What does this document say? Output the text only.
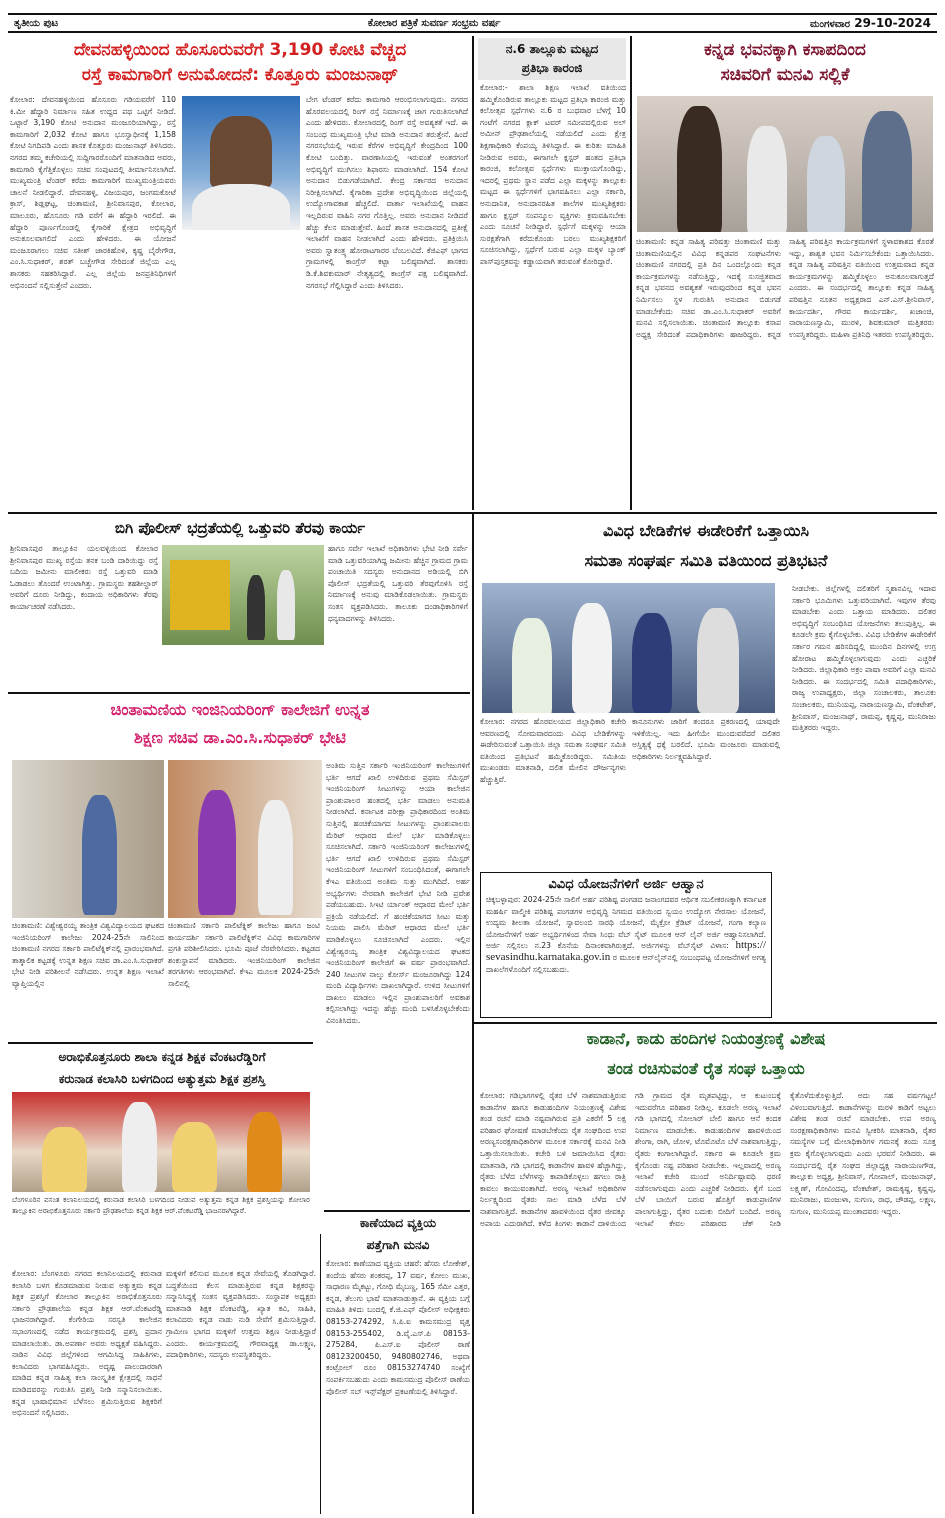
ತೃತೀಯ ಪುಟ	ಕೋಲಾರ ಪತ್ರಿಕೆ ಸುವರ್ಣ ಸಂಭ್ರಮ ವರ್ಷ	ಮಂಗಳವಾರ 29-10-2024
ದೇವನಹಳ್ಳಿಯಿಂದ ಹೊಸೂರುವರೆಗೆ 3,190 ಕೋಟಿ ವೆಚ್ಚದ
ರಸ್ತೆ ಕಾಮಗಾರಿಗೆ ಅನುಮೋದನೆ: ಕೊತ್ತೂರು ಮಂಜುನಾಥ್
ಕೋಲಾರ: ದೇವನಹಳ್ಳಿಯಿಂದ ಹೊಸೂರು ಗಡಿಯವರೆಗೆ 110 ಕಿ.ಮೀ ಹೆದ್ದಾರಿ ನಿರ್ಮಾಣ ಸಹಿತ ಉದ್ದದ ಪಥ ಒಟ್ಟಿಗೆ ನೀಡಿದೆ. ಒಟ್ಟಾರೆ 3,190 ಕೋಟಿ ಅನುದಾನ ಮಂಜೂರಿಯಾಗಿದ್ದು, ರಸ್ತೆ ಕಾಮಗಾರಿಗೆ 2,032 ಕೋಟಿ ಹಾಗೂ ಭೂಸ್ವಾಧೀನಕ್ಕೆ 1,158 ಕೋಟಿ ನಿಗದಿಪಡಿ ಎಂದು ಶಾಸಕ ಕೊತ್ತೂರು ಮಂಜುನಾಥ್ ತಿಳಿಸಿದರು. ನಗರದ ತಮ್ಮ ಕಚೇರಿಯಲ್ಲಿ ಸುದ್ದಿಗಾರರೊಂದಿಗೆ ಮಾತನಾಡಿದ ಅವರು, ಕಾಮಗಾರಿ ಕೈಗೆತ್ತಿಕೊಳ್ಳಲು ಸಚಿವ ಸಂಪುಟದಲ್ಲಿ ತೀರ್ಮಾನಿಸಲಾಗಿದೆ. ಮುಖ್ಯಮಂತ್ರಿ ಟೆಂಡರ್ ಕರೆದು ಕಾಮಗಾರಿಗೆ ಮುಖ್ಯಮಂತ್ರಿಯವರು ಚಾಲನೆ ನೀಡಲಿದ್ದಾರೆ. ದೇವನಹಳ್ಳಿ, ವಿಜಯಪುರ, ಜಂಗಮಕೋಟೆ ಕ್ರಾಸ್, ಶಿಡ್ಲಘಟ್ಟ, ಚಿಂತಾಮಣಿ, ಶ್ರೀನಿವಾಸಪುರ, ಕೋಲಾರ, ಮಾಲೂರು, ಹೊಸೂರು ಗಡಿ ವರೆಗೆ ಈ ಹೆದ್ದಾರಿ ಇರಲಿದೆ. ಈ ಹೆದ್ದಾರಿ ಪೂರ್ಣಗೊಂಡಲ್ಲಿ ಕೈಗಾರಿಕೆ ಕ್ಷೇತ್ರದ ಅಭಿವೃದ್ಧಿಗೆ ಅನುಕೂಲವಾಗಲಿದೆ ಎಂದು ಹೇಳಿದರು. ಈ ಯೋಜನೆ ಮಂಜೂರಾಗಲು ಸಚಿವ ಸತೀಶ್ ಜಾರಕಿಹೊಳಿ, ಕೃಷ್ಣ ಬೈರೇಗೌಡ, ಎಂ.ಸಿ.ಸುಧಾಕರ್, ಶರತ್ ಬಚ್ಚೇಗೌಡ ಸೇರಿದಂತೆ ಜಿಲ್ಲೆಯ ಎಲ್ಲ ಶಾಸಕರು ಸಹಕರಿಸಿದ್ದಾರೆ. ಎಲ್ಲ ಜಿಲ್ಲೆಯ ಜನಪ್ರತಿನಿಧಿಗಳಿಗೆ ಅಭಿನಂದನೆ ಸಲ್ಲಿಸುತ್ತೇನೆ ಎಂದರು.
ಬೇಗ ಟೆಂಡರ್ ಕರೆದು ಕಾಮಗಾರಿ ಆರಂಭಿಸಲಾಗುವುದು. ನಗರದ ಹೊರವಲಯದಲ್ಲಿ ರಿಂಗ್ ರಸ್ತೆ ನಿರ್ಮಾಣಕ್ಕೆ ಜಾಗ ಗುರುತಿಸಲಾಗಿದೆ ಎಂದು ಹೇಳಿದರು. ಕೋಲಾರದಲ್ಲಿ ರಿಂಗ್ ರಸ್ತೆ ಅವಶ್ಯಕತೆ ಇದೆ. ಈ ಸಂಬಂಧ ಮುಖ್ಯಮಂತ್ರಿ ಭೇಟಿ ಮಾಡಿ ಅನುದಾನ ತರುತ್ತೇನೆ. ಹಿಂದೆ ನಗರಸಭೆಯಲ್ಲಿ ಇರುವ ಕೆರೆಗಳ ಅಭಿವೃದ್ಧಿಗೆ ಕೇಂದ್ರದಿಂದ 100 ಕೋಟಿ ಬಂದಿತ್ತು. ವಾರಣಾಸಿಯಲ್ಲಿ ಇರುವಂತೆ ಅಂತರಗಂಗೆ ಅಭಿವೃದ್ಧಿಗೆ ಮುಗಿಸಲು ಶಿಫಾರಸು ಮಾಡಲಾಗಿದೆ. 154 ಕೋಟಿ ಅನುದಾನ ಬಿಡುಗಡೆಯಾಗಿದೆ. ಕೇಂದ್ರ ಸರ್ಕಾರದ ಅನುದಾನ ನಿರೀಕ್ಷಿಸಲಾಗಿದೆ. ಕೈಗಾರಿಕಾ ಪ್ರದೇಶ ಅಭಿವೃದ್ಧಿಯಿಂದ ಜಿಲ್ಲೆಯಲ್ಲಿ ಉದ್ಯೋಗಾವಕಾಶ ಹೆಚ್ಚಲಿದೆ. ವಾರ್ತಾ ಇಲಾಖೆಯಲ್ಲಿ ವಾಹನ ಇಲ್ಲದಿರುವ ವಾಹಿನಿ ನಗರ ಗೊತ್ತಿಲ್ಲ. ಅವರು ಅನುದಾನ ನೀಡಿದರೆ ಹೆಚ್ಚು ಕೆಲಸ ಮಾಡುತ್ತೇವೆ. ಹಿಂದೆ ಶಾಸಕ ಅನುದಾನದಲ್ಲಿ ಪ್ರತೀಕ್ಷೆ ಇಲಾಖೆಗೆ ವಾಹನ ನೀಡಲಾಗಿದೆ ಎಂದು ಹೇಳಿದರು. ಪ್ರತಿಕ್ರಿಯಿಸಿ ಅವರು ಸ್ವಾತಂತ್ರ್ಯ ಹೋರಾಟಗಾರರ ಬೆಂಬಲವಿದೆ. ಕೆಜಿಎಫ್ ಭಾಗದ ಗ್ರಾಮಗಳಲ್ಲಿ ಕಾಂಗ್ರೆಸ್ ಕಟ್ಟಾ ಬಲಿಷ್ಠವಾಗಿದೆ. ಶಾಸಕರು ಡಿ.ಕೆ.ಶಿವಕುಮಾರ್ ನೇತೃತ್ವದಲ್ಲಿ ಕಾಂಗ್ರೆಸ್ ಪಕ್ಷ ಬಲಿಷ್ಠವಾಗಿದೆ. ನಗರಸಭೆ ಗೆಲ್ಲಿಸಿದ್ದಾರೆ ಎಂದು ತಿಳಿಸಿದರು.
ನ.6 ತಾಲ್ಲೂಕು ಮಟ್ಟದ
ಪ್ರತಿಭಾ ಕಾರಂಜಿ
ಕೋಲಾರ:- ಶಾಲಾ ಶಿಕ್ಷಣ ಇಲಾಖೆ ವತಿಯಿಂದ ಹಮ್ಮಿಕೊಂಡಿರುವ ತಾಲ್ಲೂಕು ಮಟ್ಟದ ಪ್ರತಿಭಾ ಕಾರಂಜಿ ಮತ್ತು ಕಲೋತ್ಸವ ಸ್ಪರ್ಧೆಗಳು ನ.6 ರ ಬುಧವಾರ ಬೆಳಗ್ಗೆ 10 ಗಂಟೆಗೆ ನಗರದ ಕ್ಲಾಕ್ ಟವರ್ ಸಮೀಪದಲ್ಲಿರುವ ಅಲ್ ಅಮೀನ್ ಪ್ರೌಢಶಾಲೆಯಲ್ಲಿ ನಡೆಯಲಿದೆ ಎಂದು ಕ್ಷೇತ್ರ ಶಿಕ್ಷಣಾಧಿಕಾರಿ ಕೆಂಪಯ್ಯ ತಿಳಿಸಿದ್ದಾರೆ. ಈ ಕುರಿತು ಮಾಹಿತಿ ನೀಡಿರುವ ಅವರು, ಈಗಾಗಲೇ ಕ್ಲಸ್ಟರ್ ಹಂತದ ಪ್ರತಿಭಾ ಕಾರಂಜಿ, ಕಲೋತ್ಸವ ಸ್ಪರ್ಧೆಗಳು ಮುಕ್ತಾಯಗೊಂಡಿದ್ದು, ಇದರಲ್ಲಿ ಪ್ರಥಮ ಸ್ಥಾನ ಪಡೆದ ಎಲ್ಲಾ ಮಕ್ಕಳನ್ನು ತಾಲ್ಲೂಕು ಮಟ್ಟದ ಈ ಸ್ಪರ್ಧೆಗಳಿಗೆ ಭಾಗವಹಿಸಲು ಎಲ್ಲಾ ಸರ್ಕಾರಿ, ಅನುದಾನಿತ, ಅನುದಾನರಹಿತ ಶಾಲೆಗಳ ಮುಖ್ಯಶಿಕ್ಷಕರು ಹಾಗೂ ಕ್ಲಸ್ಟರ್ ಸಂಪನ್ಮೂಲ ವ್ಯಕ್ತಿಗಳು ಕ್ರಮವಹಿಸಬೇಕು ಎಂದು ಸೂಚನೆ ನೀಡಿದ್ದಾರೆ. ಸ್ಪರ್ಧೆಗೆ ಮಕ್ಕಳನ್ನು ಆಯಾ ಸುರಕ್ಷತೆಗಾಗಿ ಕರೆದುಕೊಂಡು ಬರಲು ಮುಖ್ಯಶಿಕ್ಷಕರಿಗೆ ಸೂಚಿಸಲಾಗಿದ್ದು, ಸ್ಪರ್ಧೆಗೆ ಬರುವ ಎಲ್ಲಾ ಮಕ್ಕಳ ಬ್ಯಾಂಕ್ ಪಾಸ್‌ಪುಸ್ತಕವನ್ನು ಕಡ್ಡಾಯವಾಗಿ ತರುವಂತೆ ಕೋರಿದ್ದಾರೆ.
ಕನ್ನಡ ಭವನಕ್ಕಾಗಿ ಕಸಾಪದಿಂದ
ಸಚಿವರಿಗೆ ಮನವಿ ಸಲ್ಲಿಕೆ
ಚಿಂತಾಮಣಿ: ಕನ್ನಡ ಸಾಹಿತ್ಯ ಪರಿಷತ್ತು ಚಿಂತಾಮಣಿ ಮತ್ತು ಚಿಂತಾಮಣಿಯಲ್ಲಿನ ವಿವಿಧ ಕನ್ನಡಪರ ಸಂಘಟನೆಗಳು ಚಿಂತಾಮಣಿ ನಗರದಲ್ಲಿ ಪ್ರತಿ ದಿನ ಒಂದಲ್ಲೊಂದು ಕನ್ನಡ ಕಾರ್ಯಕ್ರಮಗಳನ್ನು ನಡೆಸುತ್ತಿದ್ದು, ಇದಕ್ಕೆ ಸುಸಜ್ಜಿತವಾದ ಕನ್ನಡ ಭವನದ ಅವಶ್ಯಕತೆ ಇರುವುದರಿಂದ ಕನ್ನಡ ಭವನ ನಿರ್ಮಿಸಲು ಸ್ಥಳ ಗುರುತಿಸಿ ಅನುದಾನ ಬಿಡುಗಡೆ ಮಾಡಬೇಕೆಂದು ಸಚಿವ ಡಾ.ಎಂ.ಸಿ.ಸುಧಾಕರ್ ಅವರಿಗೆ ಮನವಿ ಸಲ್ಲಿಸಲಾಯಿತು. ಚಿಂತಾಮಣಿ ತಾಲ್ಲೂಕು ಕಸಾಪ ಅಧ್ಯಕ್ಷ ಸೇರಿದಂತೆ ಪದಾಧಿಕಾರಿಗಳು ಹಾಜರಿದ್ದರು. ಕನ್ನಡ ಸಾಹಿತ್ಯ ಪರಿಷತ್ತಿನ ಕಾರ್ಯಕ್ರಮಗಳಿಗೆ ಸ್ಥಳಾವಕಾಶದ ಕೊರತೆ ಇದ್ದು, ಶಾಶ್ವತ ಭವನ ನಿರ್ಮಿಸಬೇಕೆಂದು ಒತ್ತಾಯಿಸಿದರು. ಕನ್ನಡ ಸಾಹಿತ್ಯ ಪರಿಷತ್ತಿನ ವತಿಯಿಂದ ಉತ್ತಮವಾದ ಕನ್ನಡ ಕಾರ್ಯಕ್ರಮಗಳನ್ನು ಹಮ್ಮಿಕೊಳ್ಳಲು ಅನುಕೂಲವಾಗುತ್ತದೆ ಎಂದರು. ಈ ಸಂದರ್ಭದಲ್ಲಿ ತಾಲ್ಲೂಕು ಕನ್ನಡ ಸಾಹಿತ್ಯ ಪರಿಷತ್ತಿನ ನೂತನ ಅಧ್ಯಕ್ಷರಾದ ಎನ್.ಎಸ್.ಶ್ರೀನಿವಾಸ್, ಕಾರ್ಯದರ್ಶಿ, ಗೌರವ ಕಾರ್ಯದರ್ಶಿ, ಖಜಾಂಚಿ, ನಾರಾಯಣಸ್ವಾಮಿ, ಮುರಳಿ, ಶಿವಕುಮಾರ್ ಮತ್ತಿತರರು ಉಪಸ್ಥಿತರಿದ್ದರು. ಮಹಿಳಾ ಪ್ರತಿನಿಧಿ ಇತರರು ಉಪಸ್ಥಿತರಿದ್ದರು.
ಬಿಗಿ ಪೊಲೀಸ್ ಭದ್ರತೆಯಲ್ಲಿ ಒತ್ತುವರಿ ತೆರವು ಕಾರ್ಯ
ಶ್ರೀನಿವಾಸಪುರ ತಾಲ್ಲೂಕಿನ ಯಲವಳ್ಳಿಯಿಂದ ಕೋಲಾರ ಶ್ರೀನಿವಾಸಪುರ ಮುಖ್ಯ ರಸ್ತೆಯ ತನಕ ಬಂಡಿ ದಾರಿಯಿದ್ದು ರಸ್ತೆ ಬದಿಯ ಜಮೀನು ಮಾಲೀಕರು ರಸ್ತೆ ಒತ್ತುವರಿ ಮಾಡಿ ಓಡಾಡಲು ತೊಂದರೆ ಉಂಟಾಗಿತ್ತು. ಗ್ರಾಮಸ್ಥರು ತಹಶೀಲ್ದಾರ್ ಅವರಿಗೆ ದೂರು ನೀಡಿದ್ದು, ಕಂದಾಯ ಅಧಿಕಾರಿಗಳು ತೆರವು ಕಾರ್ಯಾಚರಣೆ ನಡೆಸಿದರು.
ಹಾಗೂ ಸರ್ವೇ ಇಲಾಖೆ ಅಧಿಕಾರಿಗಳು ಭೇಟಿ ನೀಡಿ ಸರ್ವೇ ಮಾಡಿ ಒತ್ತುವರಿಯಾಗಿದ್ದ ಜಮೀನು ಹೆಚ್ಚಿನ ಗ್ರಾಮದ ಗ್ರಾಮ ಪಂಚಾಯಿತಿ ಸದಸ್ಯರು ಅನುದಾನದ ಅಡಿಯಲ್ಲಿ ಬಿಗಿ ಪೊಲೀಸ್ ಭದ್ರತೆಯಲ್ಲಿ ಒತ್ತುವರಿ ತೆರವುಗೊಳಿಸಿ ರಸ್ತೆ ನಿರ್ಮಾಣಕ್ಕೆ ಅನುವು ಮಾಡಿಕೊಡಲಾಯಿತು. ಗ್ರಾಮಸ್ಥರು ಸಂತಸ ವ್ಯಕ್ತಪಡಿಸಿದರು. ತಾಲೂಕು ದಂಡಾಧಿಕಾರಿಗಳಿಗೆ ಧನ್ಯವಾದಗಳನ್ನು ತಿಳಿಸಿದರು.
ವಿವಿಧ ಬೇಡಿಕೆಗಳ ಈಡೇರಿಕೆಗೆ ಒತ್ತಾಯಿಸಿ
ಸಮತಾ ಸಂಘರ್ಷ ಸಮಿತಿ ವತಿಯಿಂದ ಪ್ರತಿಭಟನೆ
ನೀಡಬೇಕು. ಜಿಲ್ಲೆಗಳಲ್ಲಿ ದಲಿತರಿಗೆ ಸ್ಮಶಾನವಿಲ್ಲ ಇದಾವ ಸರ್ಕಾರಿ ಭೂಮಿಗಳು ಒತ್ತುವರಿಯಾಗಿವೆ. ಇವುಗಳ ತೆರವು ಮಾಡಬೇಕು ಎಂದು ಒತ್ತಾಯ ಮಾಡಿದರು. ದಲಿತರ ಅಭಿವೃದ್ಧಿಗೆ ಸಂಬಂಧಿಸಿದ ಯೋಜನೆಗಳು ತಲುಪುತ್ತಿಲ್ಲ. ಈ ಕೂಡಲೇ ಕ್ರಮ ಕೈಗೊಳ್ಳಬೇಕು. ವಿವಿಧ ಬೇಡಿಕೆಗಳ ಈಡೇರಿಕೆಗೆ ಸರ್ಕಾರ ಗಮನ ಹರಿಸದಿದ್ದಲ್ಲಿ ಮುಂದಿನ ದಿನಗಳಲ್ಲಿ ಉಗ್ರ ಹೋರಾಟ ಹಮ್ಮಿಕೊಳ್ಳಲಾಗುವುದು ಎಂದು ಎಚ್ಚರಿಕೆ ನೀಡಿದರು. ಜಿಲ್ಲಾಧಿಕಾರಿ ಅಕ್ರಂ ಪಾಷಾ ಅವರಿಗೆ ಎಲ್ಲಾ ಮನವಿ ನೀಡಿದರು. ಈ ಸಂದರ್ಭದಲ್ಲಿ ಸಮಿತಿ ಪದಾಧಿಕಾರಿಗಳು, ರಾಜ್ಯ ಉಪಾಧ್ಯಕ್ಷರು, ಜಿಲ್ಲಾ ಸಂಚಾಲಕರು, ತಾಲೂಕು ಸಂಚಾಲಕರು, ಮುನಿಯಪ್ಪ, ನಾರಾಯಣಸ್ವಾಮಿ, ವೆಂಕಟೇಶ್, ಶ್ರೀನಿವಾಸ್, ಮಂಜುನಾಥ್, ರಾಮಪ್ಪ, ಕೃಷ್ಣಪ್ಪ, ಮುನಿರಾಜು ಮತ್ತಿತರರು ಇದ್ದರು.
ಕೋಲಾರ: ನಗರದ ಹೊರವಲಯದ ಜಿಲ್ಲಾಧಿಕಾರಿ ಕಚೇರಿ ಆವರಣದಲ್ಲಿ ಸೋಮವಾರದಂದು ವಿವಿಧ ಬೇಡಿಕೆಗಳನ್ನು ಈಡೇರಿಸುವಂತೆ ಒತ್ತಾಯಿಸಿ ಜಿಲ್ಲಾ ಸಮತಾ ಸಂಘರ್ಷ ಸಮಿತಿ ವತಿಯಿಂದ ಪ್ರತಿಭಟನೆ ಹಮ್ಮಿಕೊಂಡಿದ್ದರು. ಸಮಿತಿಯ ಮುಖಂಡರು ಮಾತನಾಡಿ, ದಲಿತ ಮೇಲಿನ ದೌರ್ಜನ್ಯಗಳು ಹೆಚ್ಚುತ್ತಿವೆ.
ಕಾನೂನುಗಳು ಜಾರಿಗೆ ತಂದರೂ ಪ್ರಕರಣದಲ್ಲಿ ಯಾವುದೇ ಇಳಿಕೆಯಿಲ್ಲ. ಇದು ಹೀಗೆಯೇ ಮುಂದುವರೆದರೆ ದಲಿತರ ಅಸ್ತಿತ್ವಕ್ಕೆ ಧಕ್ಕೆ ಬರಲಿದೆ. ಭೂಮಿ ಮಂಜೂರು ಮಾಡುವಲ್ಲಿ ಅಧಿಕಾರಿಗಳು ನಿರ್ಲಕ್ಷ್ಯವಹಿಸಿದ್ದಾರೆ.
ಚಿಂತಾಮಣಿಯ ಇಂಜಿನಿಯರಿಂಗ್ ಕಾಲೇಜಿಗೆ ಉನ್ನತ
ಶಿಕ್ಷಣ ಸಚಿವ ಡಾ.ಎಂ.ಸಿ.ಸುಧಾಕರ್ ಭೇಟಿ
ಚಿಂತಾಮಣಿ: ವಿಶ್ವೇಶ್ವರಯ್ಯ ತಾಂತ್ರಿಕ ವಿಶ್ವವಿದ್ಯಾಲಯದ ಘಟಕದ ಇಂಜಿನಿಯರಿಂಗ್ ಕಾಲೇಜು 2024-25ನೇ ಸಾಲಿನಿಂದ ಚಿಂತಾಮಣಿ ನಗರದ ಸರ್ಕಾರಿ ಪಾಲಿಟೆಕ್ನಿಕ್‌ನಲ್ಲಿ ಪ್ರಾರಂಭವಾಗಿದೆ. ತಾತ್ಕಾಲಿಕ ಕಟ್ಟಡಕ್ಕೆ ಉನ್ನತ ಶಿಕ್ಷಣ ಸಚಿವ ಡಾ.ಎಂ.ಸಿ.ಸುಧಾಕರ್ ಭೇಟಿ ನೀಡಿ ಪರಿಶೀಲನೆ ನಡೆಸಿದರು. ಉನ್ನತ ಶಿಕ್ಷಣ ಇಲಾಖೆ ವ್ಯಾಪ್ತಿಯಲ್ಲಿನ
ಚಿಂತಾಮಣಿ ಸರ್ಕಾರಿ ಪಾಲಿಟೆಕ್ನಿಕ್ ಕಾಲೇಜು ಹಾಗೂ ಜಂಟಿ ಕಾರ್ಯದರ್ಶಿ ಸರ್ಕಾರಿ ಪಾಲಿಟೆಕ್ನಿಕ್‌ನ ವಿವಿಧ ಕಾಮಗಾರಿಗಳ ಪ್ರಗತಿ ಪರಿಶೀಲಿಸಿದರು. ಭೂಮಿ ಪೂಜೆ ನೆರವೇರಿಸಿದರು. ಕಟ್ಟಡದ ಶಂಕುಸ್ಥಾಪನೆ ಮಾಡಿದರು. ಇಂಜಿನಿಯರಿಂಗ್ ಕಾಲೇಜಿನ ತರಗತಿಗಳು ಆರಂಭವಾಗಿವೆ. ಕೆಇಎ ಮೂಲಕ 2024-25ನೇ ಸಾಲಿನಲ್ಲಿ
ಅಂತಿಮ ಸುತ್ತಿನ ಸರ್ಕಾರಿ ಇಂಜಿನಿಯರಿಂಗ್ ಕಾಲೇಜುಗಳಿಗೆ ಭರ್ತಿ ಆಗದೆ ಖಾಲಿ ಉಳಿದಿರುವ ಪ್ರಥಮ ಸೆಮಿಸ್ಟರ್ ಇಂಜಿನಿಯರಿಂಗ್ ಸೀಟುಗಳನ್ನು ಆಯಾ ಕಾಲೇಜಿನ ಪ್ರಾಂಶುಪಾಲರ ಹಂತದಲ್ಲಿ ಭರ್ತಿ ಮಾಡಲು ಅನುಮತಿ ನೀಡಲಾಗಿದೆ. ಕರ್ನಾಟಕ ಪರೀಕ್ಷಾ ಪ್ರಾಧಿಕಾರದಿಂದ ಅಂತಿಮ ಸುತ್ತಿನಲ್ಲಿ ಹಂಚಿಕೆಯಾಗದ ಸೀಟುಗಳನ್ನು ಪ್ರಾಂಶುಪಾಲರು ಮೆರಿಟ್ ಆಧಾರದ ಮೇಲೆ ಭರ್ತಿ ಮಾಡಿಕೊಳ್ಳಲು ಸೂಚಿಸಲಾಗಿದೆ. ಸರ್ಕಾರಿ ಇಂಜಿನಿಯರಿಂಗ್ ಕಾಲೇಜುಗಳಲ್ಲಿ ಭರ್ತಿ ಆಗದೆ ಖಾಲಿ ಉಳಿದಿರುವ ಪ್ರಥಮ ಸೆಮಿಸ್ಟರ್ ಇಂಜಿನಿಯರಿಂಗ್ ಸೀಟುಗಳಿಗೆ ಸಂಬಂಧಿಸಿದಂತೆ, ಈಗಾಗಲೇ ಕೆಇಎ ವತಿಯಿಂದ ಅಂತಿಮ ಸುತ್ತು ಮುಗಿದಿದೆ. ಅರ್ಹ ಅಭ್ಯರ್ಥಿಗಳು ನೇರವಾಗಿ ಕಾಲೇಜಿಗೆ ಭೇಟಿ ನೀಡಿ ಪ್ರವೇಶ ಪಡೆಯಬಹುದು. ಸಿಇಟಿ ರ್ಯಾಂಕ್ ಆಧಾರದ ಮೇಲೆ ಭರ್ತಿ ಪ್ರಕ್ರಿಯೆ ನಡೆಯಲಿದೆ. ಗೆ ಹಂಚಿಕೆಯಾಗದ ಸೀಟು ಮತ್ತು ನಿಯಮ ಪಾಲಿಸಿ ಮೆರಿಟ್ ಆಧಾರದ ಮೇಲೆ ಭರ್ತಿ ಮಾಡಿಕೊಳ್ಳಲು ಸೂಚಿಸಲಾಗಿದೆ ಎಂದರು. ಇಲ್ಲಿನ ವಿಶ್ವೇಶ್ವರಯ್ಯ ತಾಂತ್ರಿಕ ವಿಶ್ವವಿದ್ಯಾಲಯದ ಘಟಕದ ಇಂಜಿನಿಯರಿಂಗ್ ಕಾಲೇಜಿಗೆ ಈ ವರ್ಷ ಪ್ರಾರಂಭವಾಗಿದೆ. 240 ಸೀಟುಗಳ ನಾಲ್ಕು ಕೋರ್ಸ್ ಮಂಜೂರಾಗಿದ್ದು 124 ಮಂದಿ ವಿದ್ಯಾರ್ಥಿಗಳು ದಾಖಲಾಗಿದ್ದಾರೆ. ಉಳಿದ ಸೀಟುಗಳಿಗೆ ದಾಖಲು ಮಾಡಲು ಇಲ್ಲಿನ ಪ್ರಾಂಶುಪಾಲರಿಗೆ ಅವಕಾಶ ಕಲ್ಪಿಸಲಾಗಿದ್ದು ಇದನ್ನು ಹೆಚ್ಚು ಮಂದಿ ಬಳಸಿಕೊಳ್ಳಬೇಕೆಂದು ವಿನಂತಿಸಿದರು.
ವಿವಿಧ ಯೋಜನೆಗಳಿಗೆ ಅರ್ಜಿ ಆಹ್ವಾನ
ಚಿಕ್ಕಬಳ್ಳಾಪುರ: 2024-25ನೇ ಸಾಲಿಗೆ ಅರ್ಹ ಪರಿಶಿಷ್ಟ ಪಂಗಡದ ಜನಾಂಗದವರ ಆರ್ಥಿಕ ಸಬಲೀಕರಣಕ್ಕಾಗಿ ಕರ್ನಾಟಕ ಮಹರ್ಷಿ ವಾಲ್ಮೀಕಿ ಪರಿಶಿಷ್ಟ ಪಂಗಡಗಳ ಅಭಿವೃದ್ಧಿ ನಿಗಮದ ವತಿಯಿಂದ ಸ್ವಯಂ ಉದ್ಯೋಗ ನೇರಸಾಲ ಯೋಜನೆ, ಉದ್ಯಮ ಶೀಲತಾ ಯೋಜನೆ, ಸ್ವಾವಲಂಬಿ ಸಾರಥಿ ಯೋಜನೆ, ಮೈಕ್ರೋ ಕ್ರೆಡಿಟ್ ಯೋಜನೆ, ಗಂಗಾ ಕಲ್ಯಾಣ ಯೋಜನೆಗಳಿಗೆ ಅರ್ಹ ಅಭ್ಯರ್ಥಿಗಳಿಂದ ಸೇವಾ ಸಿಂಧು ವೆಬ್ ಸೈಟ್ ಮೂಲಕ ಆನ್ ಲೈನ್ ಅರ್ಜಿ ಆಹ್ವಾನಿಸಲಾಗಿದೆ. ಅರ್ಜಿ ಸಲ್ಲಿಸಲು ನ.23 ಕೊನೆಯ ದಿನಾಂಕವಾಗಿರುತ್ತದೆ. ಅರ್ಜಿಗಳನ್ನು ವೆಬ್‌ಸೈಟ್ ವಿಳಾಸ: https:// sevasindhu.karnataka.gov.in ರ ಮೂಲಕ ಆನ್‌ಲೈನ್‌ನಲ್ಲಿ ಸಂಬಂಧಪಟ್ಟ ಯೋಜನೆಗಳಿಗೆ ಅಗತ್ಯ ದಾಖಲೆಗಳೊಂದಿಗೆ ಸಲ್ಲಿಸಬಹುದು.
ಅರಾಭಿಕೊತ್ತನೂರು ಶಾಲಾ ಕನ್ನಡ ಶಿಕ್ಷಕ ವೆಂಕಟರೆಡ್ಡಿರಿಗೆ
ಕರುನಾಡ ಕಲಾಸಿರಿ ಬಳಗದಿಂದ ಅತ್ಯುತ್ತಮ ಶಿಕ್ಷಕ ಪ್ರಶಸ್ತಿ
ಬೆಂಗಳೂರಿನ ವಸಂತ ಕಲಾನಿಲಯದಲ್ಲಿ ಕರುನಾಡ ಕಲಾಸಿರಿ ಬಳಗದಿಂದ ನೀಡುವ ಅತ್ಯುತ್ತಮ ಕನ್ನಡ ಶಿಕ್ಷಕ ಪ್ರಶಸ್ತಿಯನ್ನು ಕೋಲಾರ ತಾಲ್ಲೂಕಿನ ಅರಾಭಿಕೊತ್ತನೂರು ಸರ್ಕಾರಿ ಪ್ರೌಢಶಾಲೆಯ ಕನ್ನಡ ಶಿಕ್ಷಕ ಆರ್.ವೆಂಕಟರೆಡ್ಡಿ ಭಾಜನರಾಗಿದ್ದಾರೆ.
ಕೋಲಾರ: ಬೆಂಗಳೂರು ನಗರದ ಕಲಾನಿಲಯದಲ್ಲಿ ಕರುನಾಡ ಕಲಾಸಿರಿ ಬಳಗ ಕೊಡಮಾಡುವ ನೀಡುವ ಅತ್ಯುತ್ತಮ ಕನ್ನಡ ಶಿಕ್ಷಕ ಪ್ರಶಸ್ತಿಗೆ ಕೋಲಾರ ತಾಲ್ಲೂಕಿನ ಅರಾಭಿಕೊತ್ತನೂರು ಸರ್ಕಾರಿ ಪ್ರೌಢಶಾಲೆಯ ಕನ್ನಡ ಶಿಕ್ಷಕ ಆರ್.ವೆಂಕಟರೆಡ್ಡಿ ಭಾಜನರಾಗಿದ್ದಾರೆ. ಕೆಂಗೇರಿಯ ಸರಸ್ವತಿ ಕಾಲೇಜಿನ ಸಭಾಂಗಣದಲ್ಲಿ ನಡೆದ ಕಾರ್ಯಕ್ರಮದಲ್ಲಿ ಪ್ರಶಸ್ತಿ ಪ್ರದಾನ ಮಾಡಲಾಯಿತು. ಡಾ.ಅಪರ್ಣಾ ಅವರು ಅಧ್ಯಕ್ಷತೆ ವಹಿಸಿದ್ದರು. ನಾಡಿನ ವಿವಿಧ ಜಿಲ್ಲೆಗಳಿಂದ ಆಗಮಿಸಿದ್ದ ಸಾಹಿತಿಗಳು, ಕಲಾವಿದರು ಭಾಗವಹಿಸಿದ್ದರು. ಅದೃಷ್ಟ ಪಾಲುದಾರರಾಗಿ ಮಾಡಿದ ಕನ್ನಡ ಸಾಹಿತ್ಯ ಕಲಾ ಸಾಂಸ್ಕೃತಿಕ ಕ್ಷೇತ್ರದಲ್ಲಿ ಸಾಧನೆ ಮಾಡಿದವರನ್ನು ಗುರುತಿಸಿ ಪ್ರಶಸ್ತಿ ನೀಡಿ ಸನ್ಮಾನಿಸಲಾಯಿತು. ಕನ್ನಡ ಭಾಷಾಭಿಮಾನ ಬೆಳೆಸಲು ಶ್ರಮಿಸುತ್ತಿರುವ ಶಿಕ್ಷಕರಿಗೆ ಅಭಿನಂದನೆ ಸಲ್ಲಿಸಿದರು.
ಮಕ್ಕಳಿಗೆ ಕಲಿಸುವ ಮೂಲಕ ಕನ್ನಡ ಸೇವೆಯಲ್ಲಿ ತೊಡಗಿದ್ದಾರೆ. ಬದ್ಧತೆಯಿಂದ ಕೆಲಸ ಮಾಡುತ್ತಿರುವ ಕನ್ನಡ ಶಿಕ್ಷಕರನ್ನು ಸನ್ಮಾನಿಸಿದ್ದಕ್ಕೆ ಸಂತಸ ವ್ಯಕ್ತಪಡಿಸಿದರು. ಸಂಸ್ಥಾಪಕ ಅಧ್ಯಕ್ಷರು ಮಾತನಾಡಿ ಶಿಕ್ಷಕ ವೆಂಕಟರೆಡ್ಡಿ, ಖ್ಯಾತ ಕವಿ, ಸಾಹಿತಿ, ಕಲಾವಿದರು ಕನ್ನಡ ನಾಡು ನುಡಿ ಸೇವೆಗೆ ಶ್ರಮಿಸುತ್ತಿದ್ದಾರೆ. ಗ್ರಾಮೀಣ ಭಾಗದ ಮಕ್ಕಳಿಗೆ ಉತ್ತಮ ಶಿಕ್ಷಣ ನೀಡುತ್ತಿದ್ದಾರೆ ಎಂದರು. ಕಾರ್ಯಕ್ರಮದಲ್ಲಿ ಗೌರವಾಧ್ಯಕ್ಷ ಡಾ.ಲಕ್ಷ್ಮಣ, ಪದಾಧಿಕಾರಿಗಳು, ಸದಸ್ಯರು ಉಪಸ್ಥಿತರಿದ್ದರು.
ಕಾಣೆಯಾದ ವ್ಯಕ್ತಿಯ
ಪತ್ತೆಗಾಗಿ ಮನವಿ
ಕೋಲಾರ: ಕಾಣೆಯಾದ ವ್ಯಕ್ತಿಯ ಚಹರೆ: ಹೆಸರು ಲೋಕೇಶ್, ತಂದೆಯ ಹೆಸರು ಶಂಕರಪ್ಪ, 17 ವರ್ಷ, ಕೋಲು ಮುಖ, ಸಾಧಾರಣ ಮೈಕಟ್ಟು, ಗೋಧಿ ಮೈಬಣ್ಣ, 165 ಸೆಮೀ ಎತ್ತರ, ಕನ್ನಡ, ತೆಲುಗು ಭಾಷೆ ಮಾತನಾಡುತ್ತಾನೆ. ಈ ವ್ಯಕ್ತಿಯ ಬಗ್ಗೆ ಮಾಹಿತಿ ತಿಳಿದು ಬಂದಲ್ಲಿ ಕೆ.ಜಿ.ಎಫ್ ಪೊಲೀಸ್ ಅಧೀಕ್ಷಕರು 08153-274292, ಸಿ.ಪಿ.ಐ ಕಾಮಸಮುದ್ರ ವೃತ್ತ 08153-255402, ಡಿ.ವೈ.ಎಸ್.ಪಿ 08153-275284, ಪಿ.ಎಸ್.ಐ ಪೊಲೀಸ್ ಠಾಣೆ 08123200450, 9480802746, ಅಥವಾ ಕಂಟ್ರೋಲ್ ರೂಂ 08153274740 ಸಂಖ್ಯೆಗೆ ಸಂಪರ್ಕಿಸಬಹುದು ಎಂದು ಕಾಮಸಮುದ್ರ ಪೊಲೀಸ್ ಠಾಣೆಯ ಪೊಲೀಸ್ ಸಬ್ ಇನ್ಸ್‌ಪೆಕ್ಟರ್ ಪ್ರಕಟಣೆಯಲ್ಲಿ ತಿಳಿಸಿದ್ದಾರೆ.
ಕಾಡಾನೆ, ಕಾಡು ಹಂದಿಗಳ ನಿಯಂತ್ರಣಕ್ಕೆ ವಿಶೇಷ
ತಂಡ ರಚಿಸುವಂತೆ ರೈತ ಸಂಘ ಒತ್ತಾಯ
ಕೋಲಾರ: ಗಡಿಭಾಗಗಳಲ್ಲಿ ರೈತರ ಬೆಳೆ ನಾಶಮಾಡುತ್ತಿರುವ ಕಾಡಾನೆಗಳ ಹಾಗೂ ಕಾಡುಹಂದಿಗಳ ನಿಯಂತ್ರಣಕ್ಕೆ ವಿಶೇಷ ತಂಡ ರಚನೆ ಮಾಡಿ ನಷ್ಟವಾಗಿರುವ ಪ್ರತಿ ಎಕರೆಗೆ 5 ಲಕ್ಷ ಪರಿಹಾರ ಘೋಷಣೆ ಮಾಡಬೇಕೆಂದು ರೈತ ಸಂಘದಿಂದ ಉಪ ಅರಣ್ಯಸಂರಕ್ಷಣಾಧಿಕಾರಿಗಳ ಮೂಲಕ ಸರ್ಕಾರಕ್ಕೆ ಮನವಿ ನೀಡಿ ಒತ್ತಾಯಿಸಲಾಯಿತು. ಕಚೇರಿ ಬಳಿ ಜಮಾಯಿಸಿದ ರೈತರು ಮಾತನಾಡಿ, ಗಡಿ ಭಾಗದಲ್ಲಿ ಕಾಡಾನೆಗಳ ಹಾವಳಿ ಹೆಚ್ಚಾಗಿದ್ದು, ರೈತರು ಬೆಳೆದ ಬೆಳೆಗಳನ್ನು ಕಾಪಾಡಿಕೊಳ್ಳಲು ಹಗಲು ರಾತ್ರಿ ಕಾವಲು ಕಾಯುವಂತಾಗಿದೆ. ಅರಣ್ಯ ಇಲಾಖೆ ಅಧಿಕಾರಿಗಳ ನಿರ್ಲಕ್ಷ್ಯದಿಂದ ರೈತರು ಸಾಲ ಮಾಡಿ ಬೆಳೆದ ಬೆಳೆ ನಾಶವಾಗುತ್ತಿದೆ. ಕಾಡಾನೆಗಳ ಹಾವಳಿಯಿಂದ ರೈತರ ಜೀವಕ್ಕೂ ಅಪಾಯ ಎದುರಾಗಿದೆ. ಕಳೆದ ತಿಂಗಳು ಕಾಡಾನೆ ದಾಳಿಯಿಂದ ಗಡಿ ಗ್ರಾಮದ ರೈತ ಮೃತಪಟ್ಟಿದ್ದು, ಆ ಕುಟುಂಬಕ್ಕೆ ಇದುವರೆಗೂ ಪರಿಹಾರ ನೀಡಿಲ್ಲ. ಕೂಡಲೇ ಅರಣ್ಯ ಇಲಾಖೆ ಗಡಿ ಭಾಗದಲ್ಲಿ ಸೋಲಾರ್ ಬೇಲಿ ಹಾಗೂ ಆನೆ ಕಂದಕ ನಿರ್ಮಾಣ ಮಾಡಬೇಕು. ಕಾಡುಹಂದಿಗಳ ಹಾವಳಿಯಿಂದ ಶೇಂಗಾ, ರಾಗಿ, ಜೋಳ, ಟೊಮೊಟೊ ಬೆಳೆ ನಾಶವಾಗುತ್ತಿದ್ದು, ರೈತರು ಕಂಗಾಲಾಗಿದ್ದಾರೆ. ಸರ್ಕಾರ ಈ ಕೂಡಲೇ ಕ್ರಮ ಕೈಗೊಂಡು ನಷ್ಟ ಪರಿಹಾರ ನೀಡಬೇಕು. ಇಲ್ಲವಾದಲ್ಲಿ ಅರಣ್ಯ ಇಲಾಖೆ ಕಚೇರಿ ಮುಂದೆ ಅನಿರ್ದಿಷ್ಟಾವಧಿ ಧರಣಿ ನಡೆಸಲಾಗುವುದು ಎಂದು ಎಚ್ಚರಿಕೆ ನೀಡಿದರು. ಕೈಗೆ ಬಂದ ಬೆಳೆ ಬಾಯಿಗೆ ಬರುವ ಹೊತ್ತಿಗೆ ಕಾಡುಪ್ರಾಣಿಗಳ ಪಾಲಾಗುತ್ತಿದ್ದು, ರೈತರ ಬದುಕು ಬೀದಿಗೆ ಬಂದಿದೆ. ಅರಣ್ಯ ಇಲಾಖೆ ಕೇವಲ ಪರಿಹಾರದ ಚೆಕ್ ನೀಡಿ ಕೈತೊಳೆದುಕೊಳ್ಳುತ್ತಿದೆ. ಅದು ಸಹ ವರ್ಷಗಟ್ಟಲೆ ವಿಳಂಬವಾಗುತ್ತಿದೆ. ಕಾಡಾನೆಗಳನ್ನು ಮರಳಿ ಕಾಡಿಗೆ ಅಟ್ಟಲು ವಿಶೇಷ ತಂಡ ರಚನೆ ಮಾಡಬೇಕು. ಉಪ ಅರಣ್ಯ ಸಂರಕ್ಷಣಾಧಿಕಾರಿಗಳು ಮನವಿ ಸ್ವೀಕರಿಸಿ ಮಾತನಾಡಿ, ರೈತರ ಸಮಸ್ಯೆಗಳ ಬಗ್ಗೆ ಮೇಲಾಧಿಕಾರಿಗಳ ಗಮನಕ್ಕೆ ತಂದು ಸೂಕ್ತ ಕ್ರಮ ಕೈಗೊಳ್ಳಲಾಗುವುದು ಎಂದು ಭರವಸೆ ನೀಡಿದರು. ಈ ಸಂದರ್ಭದಲ್ಲಿ ರೈತ ಸಂಘದ ಜಿಲ್ಲಾಧ್ಯಕ್ಷ ನಾರಾಯಣಗೌಡ, ತಾಲ್ಲೂಕು ಅಧ್ಯಕ್ಷ, ಶ್ರೀನಿವಾಸ್, ಗೋಪಾಲ್, ಮಂಜುನಾಥ್, ಲಕ್ಷ್ಮಣ್, ಗೋವಿಂದಪ್ಪ, ವೆಂಕಟೇಶ್, ರಾಮಕೃಷ್ಣ, ಕೃಷ್ಣಪ್ಪ, ಮುನಿರಾಜು, ಮಂಜುಳಾ, ಸುಗುಣ, ರಾಧ, ಚೌಡಪ್ಪ, ಲಕ್ಷ್ಮಣ, ಸುಗುಣ, ಮುನಿಯಪ್ಪ ಮುಂತಾದವರು ಇದ್ದರು.
